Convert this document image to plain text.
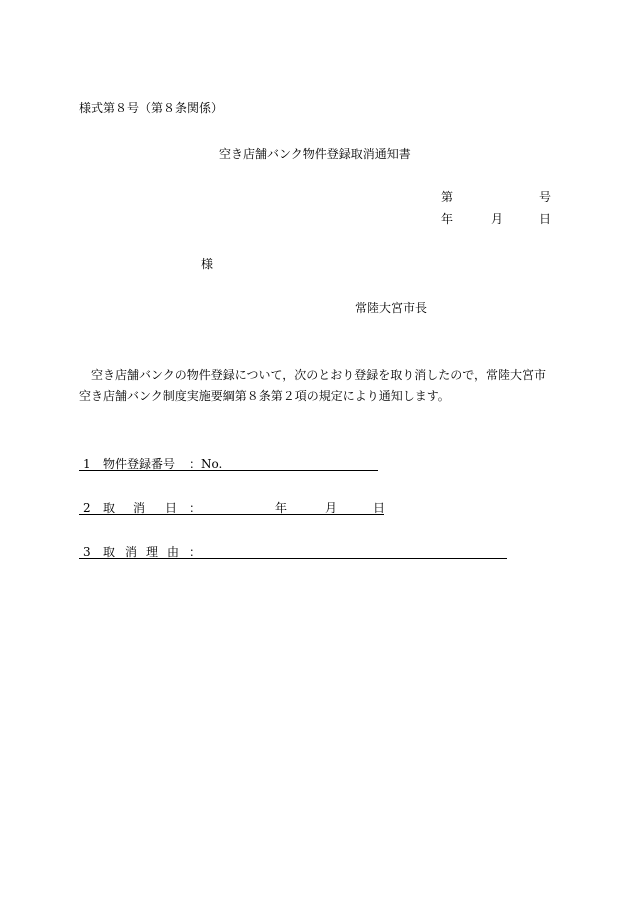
様式第８号（第８条関係）
空き店舗バンク物件登録取消通知書
第	号
年	月	日
様
常陸大宮市長
空き店舗バンクの物件登録について，次のとおり登録を取り消したので，常陸大宮市
空き店舗バンク制度実施要綱第８条第２項の規定により通知します。
1 物件登録番号 ： No.
2 取 消 日 ：	年	月	日
3 取 消 理 由 ：
